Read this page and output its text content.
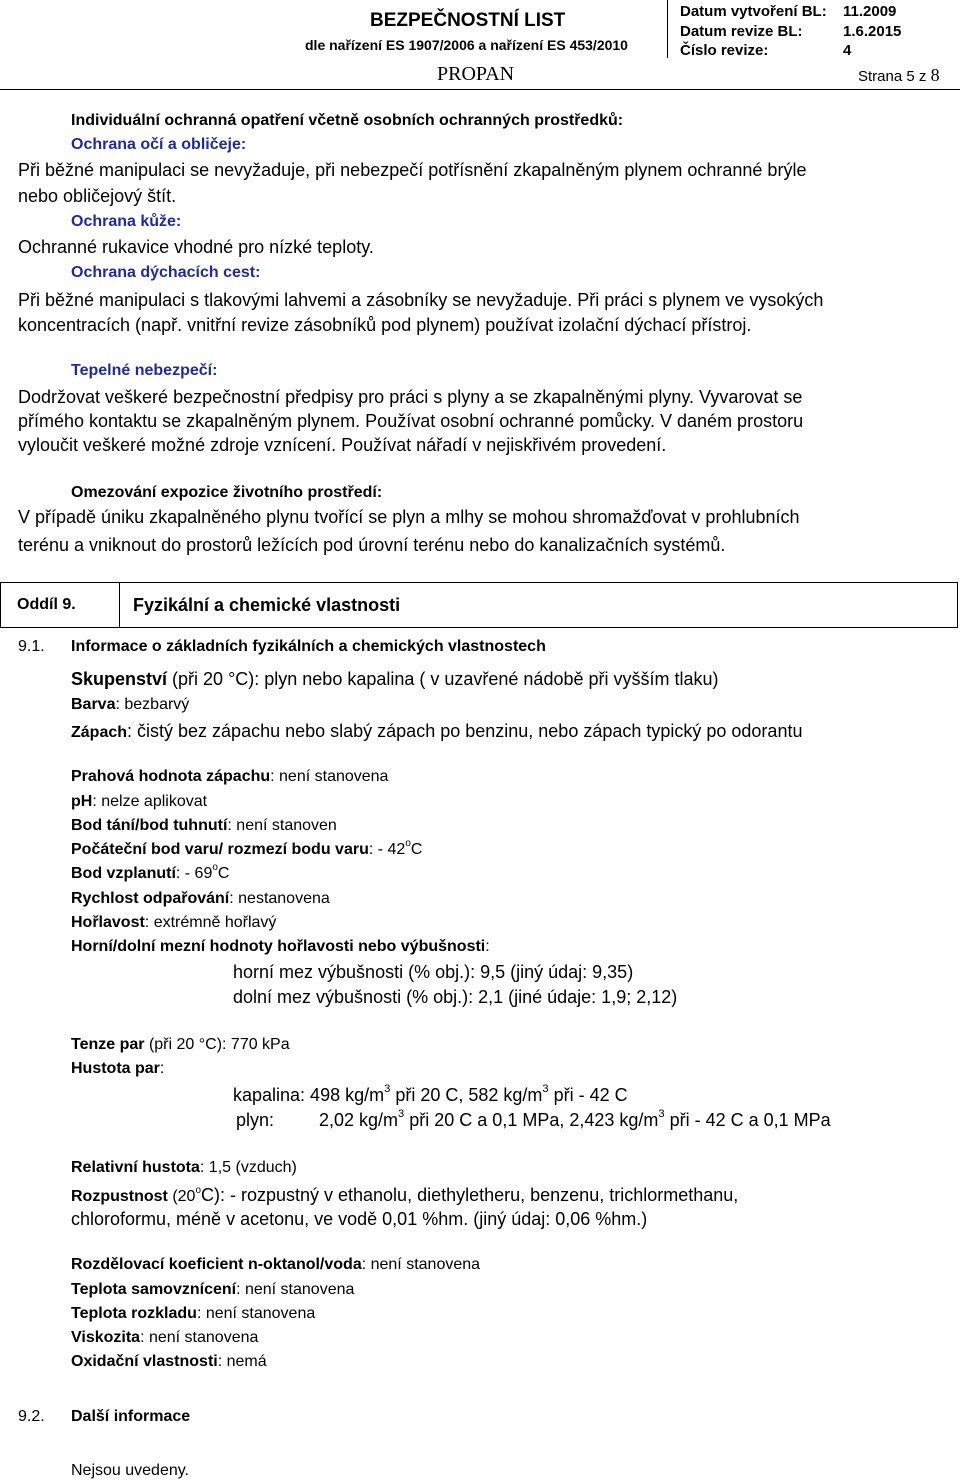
BEZPEČNOSTNÍ LIST
dle nařízení ES 1907/2006 a nařízení ES 453/2010
PROPAN
Datum vytvoření BL: 11.2009
Datum revize BL:	1.6.2015
Číslo revize:	4
Strana 5 z 8
Individuální ochranná opatření včetně osobních ochranných prostředků:
Ochrana očí a obličeje:
Při běžné manipulaci se nevyžaduje, při nebezpečí potřísnění zkapalněným plynem ochranné brýle
nebo obličejový štít.
Ochrana kůže:
Ochranné rukavice vhodné pro nízké teploty.
Ochrana dýchacích cest:
Při běžné manipulaci s tlakovými lahvemi a zásobníky se nevyžaduje. Při práci s plynem ve vysokých
koncentracích (např. vnitřní revize zásobníků pod plynem) používat izolační dýchací přístroj.
Tepelné nebezpečí:
Dodržovat veškeré bezpečnostní předpisy pro práci s plyny a se zkapalněnými plyny. Vyvarovat se
přímého kontaktu se zkapalněným plynem. Používat osobní ochranné pomůcky. V daném prostoru
vyloučit veškeré možné zdroje vznícení. Používat nářadí v nejiskřivém provedení.
Omezování expozice životního prostředí:
V případě úniku zkapalněného plynu tvořící se plyn a mlhy se mohou shromažďovat v prohlubních
terénu a vniknout do prostorů ležících pod úrovní terénu nebo do kanalizačních systémů.
Oddíl 9.	Fyzikální a chemické vlastnosti
9.1. Informace o základních fyzikálních a chemických vlastnostech
Skupenství (při 20 °C): plyn nebo kapalina ( v uzavřené nádobě při vyšším tlaku)
Barva: bezbarvý
Zápach: čistý bez zápachu nebo slabý zápach po benzinu, nebo zápach typický po odorantu
Prahová hodnota zápachu: není stanovena
pH: nelze aplikovat
Bod tání/bod tuhnutí: není stanoven
Počáteční bod varu/ rozmezí bodu varu: - 42$^o$C
Bod vzplanutí: - 69$^o$C
Rychlost odpařování: nestanovena
Hořlavost: extrémně hořlavý
Horní/dolní mezní hodnoty hořlavosti nebo výbušnosti:
horní mez výbušnosti (% obj.): 9,5 (jiný údaj: 9,35)
dolní mez výbušnosti (% obj.): 2,1 (jiné údaje: 1,9; 2,12)
Tenze par (při 20 °C): 770 kPa
Hustota par:
kapalina: 498 $kg/m^3$ při 20 C, 582 $kg/m^3$ při - 42 C
plyn: 2,02 $kg/m^3$ při 20 C a 0,1 MPa, 2,423 $kg/m^3$ při - 42 C a 0,1 MPa
Relativní hustota: 1,5 (vzduch)
Rozpustnost (20$^o$C): - rozpustný v ethanolu, diethyletheru, benzenu, trichlormethanu,
chloroformu, méně v acetonu, ve vodě 0,01 %hm. (jiný údaj: 0,06 %hm.)
Rozdělovací koeficient n-oktanol/voda: není stanovena
Teplota samovznícení: není stanovena
Teplota rozkladu: není stanovena
Viskozita: není stanovena
Oxidační vlastnosti: nemá
9.2. Další informace
Nejsou uvedeny.
